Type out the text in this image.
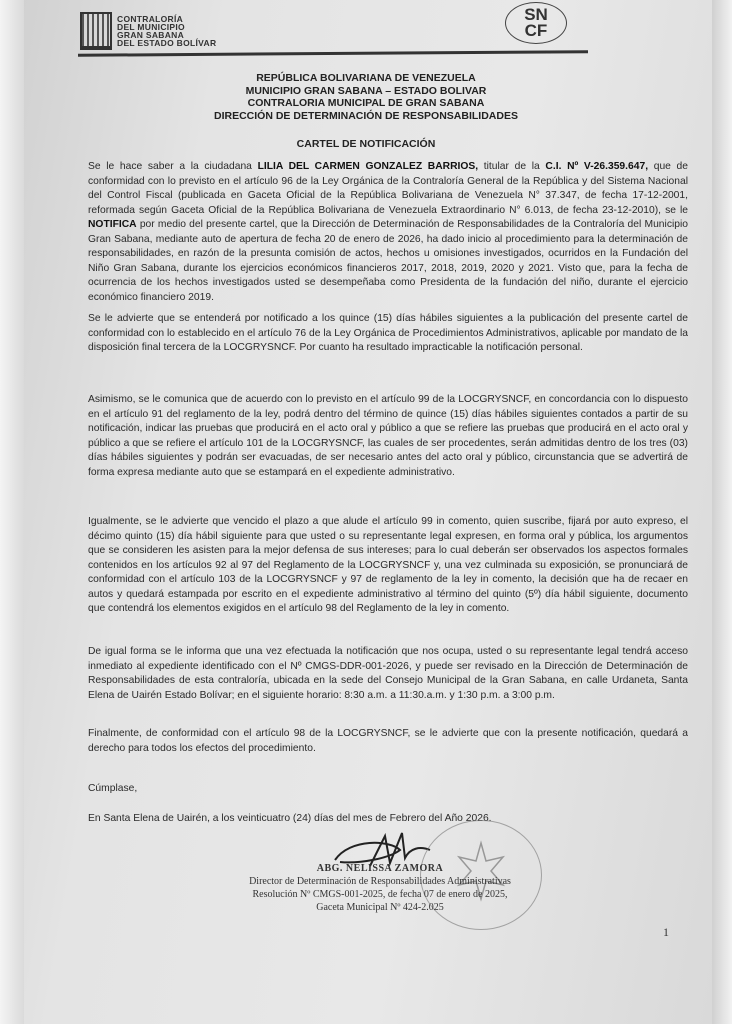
CONTRALORÍA
DEL MUNICIPIO
GRAN SABANA
DEL ESTADO BOLÍVAR
SN
CF
REPÚBLICA BOLIVARIANA DE VENEZUELA
MUNICIPIO GRAN SABANA – ESTADO BOLIVAR
CONTRALORIA MUNICIPAL DE GRAN SABANA
DIRECCIÓN DE DETERMINACIÓN DE RESPONSABILIDADES
CARTEL DE NOTIFICACIÓN
Se le hace saber a la ciudadana LILIA DEL CARMEN GONZALEZ BARRIOS, titular de la C.I. Nº V-26.359.647, que de conformidad con lo previsto en el artículo 96 de la Ley Orgánica de la Contraloría General de la República y del Sistema Nacional del Control Fiscal (publicada en Gaceta Oficial de la República Bolivariana de Venezuela N° 37.347, de fecha 17-12-2001, reformada según Gaceta Oficial de la República Bolivariana de Venezuela Extraordinario N° 6.013, de fecha 23-12-2010), se le NOTIFICA por medio del presente cartel, que la Dirección de Determinación de Responsabilidades de la Contraloría del Municipio Gran Sabana, mediante auto de apertura de fecha 20 de enero de 2026, ha dado inicio al procedimiento para la determinación de responsabilidades, en razón de la presunta comisión de actos, hechos u omisiones investigados, ocurridos en la Fundación del Niño Gran Sabana, durante los ejercicios económicos financieros 2017, 2018, 2019, 2020 y 2021. Visto que, para la fecha de ocurrencia de los hechos investigados usted se desempeñaba como Presidenta de la fundación del niño, durante el ejercicio económico financiero 2019.
Se le advierte que se entenderá por notificado a los quince (15) días hábiles siguientes a la publicación del presente cartel de conformidad con lo establecido en el artículo 76 de la Ley Orgánica de Procedimientos Administrativos, aplicable por mandato de la disposición final tercera de la LOCGRYSNCF. Por cuanto ha resultado impracticable la notificación personal.
Asimismo, se le comunica que de acuerdo con lo previsto en el artículo 99 de la LOCGRYSNCF, en concordancia con lo dispuesto en el artículo 91 del reglamento de la ley, podrá dentro del término de quince (15) días hábiles siguientes contados a partir de su notificación, indicar las pruebas que producirá en el acto oral y público a que se refiere las pruebas que producirá en el acto oral y público a que se refiere el artículo 101 de la LOCGRYSNCF, las cuales de ser procedentes, serán admitidas dentro de los tres (03) días hábiles siguientes y podrán ser evacuadas, de ser necesario antes del acto oral y público, circunstancia que se advertirá de forma expresa mediante auto que se estampará en el expediente administrativo.
Igualmente, se le advierte que vencido el plazo a que alude el artículo 99 in comento, quien suscribe, fijará por auto expreso, el décimo quinto (15) día hábil siguiente para que usted o su representante legal expresen, en forma oral y pública, los argumentos que se consideren les asisten para la mejor defensa de sus intereses; para lo cual deberán ser observados los aspectos formales contenidos en los artículos 92 al 97 del Reglamento de la LOCGRYSNCF y, una vez culminada su exposición, se pronunciará de conformidad con el artículo 103 de la LOCGRYSNCF y 97 de reglamento de la ley in comento, la decisión que ha de recaer en autos y quedará estampada por escrito en el expediente administrativo al término del quinto (5º) día hábil siguiente, documento que contendrá los elementos exigidos en el artículo 98 del Reglamento de la ley in comento.
De igual forma se le informa que una vez efectuada la notificación que nos ocupa, usted o su representante legal tendrá acceso inmediato al expediente identificado con el Nº CMGS-DDR-001-2026, y puede ser revisado en la Dirección de Determinación de Responsabilidades de esta contraloría, ubicada en la sede del Consejo Municipal de la Gran Sabana, en calle Urdaneta, Santa Elena de Uairén Estado Bolívar; en el siguiente horario: 8:30 a.m. a 11:30.a.m. y 1:30 p.m. a 3:00 p.m.
Finalmente, de conformidad con el artículo 98 de la LOCGRYSNCF, se le advierte que con la presente notificación, quedará a derecho para todos los efectos del procedimiento.
Cúmplase,
En Santa Elena de Uairén, a los veinticuatro (24) días del mes de Febrero del Año 2026.
ABG. NELISSA ZAMORA
Director de Determinación de Responsabilidades Administrativas
Resolución Nº CMGS-001-2025, de fecha 07 de enero de 2025,
Gaceta Municipal Nº 424-2.025
1
